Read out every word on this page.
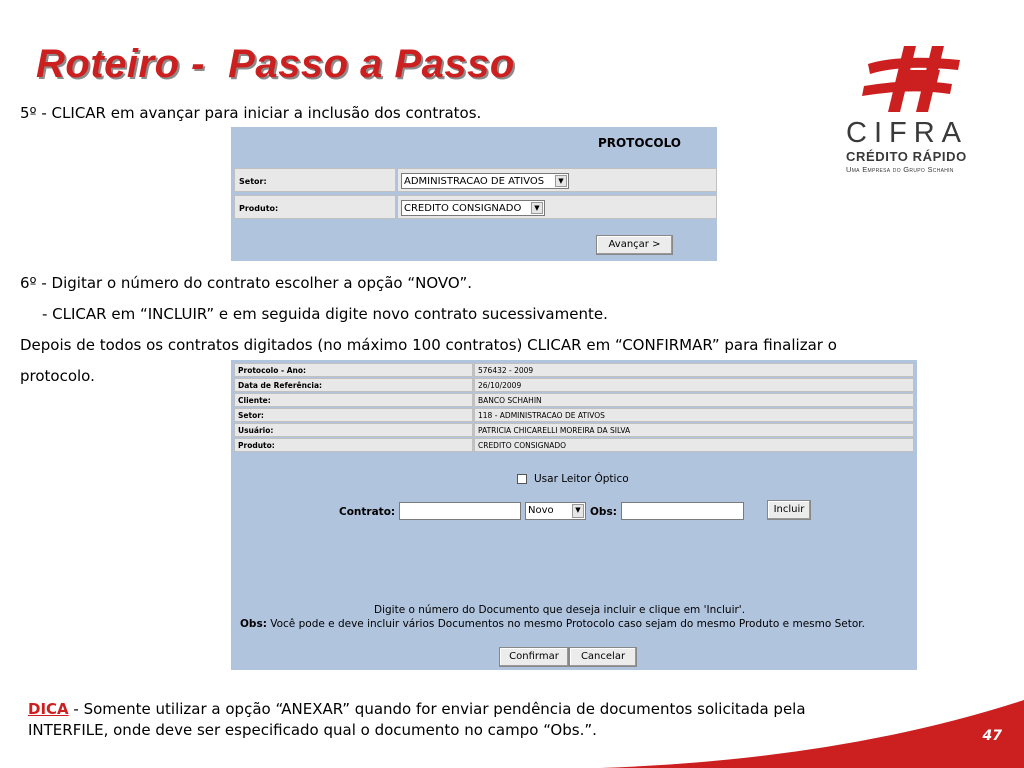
Roteiro -  Passo a Passo
CIFRA
CRÉDITO RÁPIDO
Uma Empresa do Grupo Schahin
5º - CLICAR em avançar para iniciar a inclusão dos contratos.
PROTOCOLO
Setor:	ADMINISTRACAO DE ATIVOS	▼
Produto:	CREDITO CONSIGNADO	▼
Avançar >
6º - Digitar o número do contrato escolher a opção “NOVO”.
- CLICAR em “INCLUIR” e em seguida digite novo contrato sucessivamente.
Depois de todos os contratos digitados (no máximo 100 contratos) CLICAR em “CONFIRMAR” para finalizar o
protocolo.	Protocolo - Ano:	576432 - 2009
Data de Referência:	26/10/2009
Cliente:	BANCO SCHAHIN
Setor:	118 - ADMINISTRACAO DE ATIVOS
Usuário:	PATRICIA CHICARELLI MOREIRA DA SILVA
Produto:	CREDITO CONSIGNADO
Usar Leitor Óptico
Contrato:	Novo	▼ Obs:	Incluir
Digite o número do Documento que deseja incluir e clique em 'Incluir'.
Obs: Você pode e deve incluir vários Documentos no mesmo Protocolo caso sejam do mesmo Produto e mesmo Setor.
Confirmar	Cancelar
DICA - Somente utilizar a opção “ANEXAR” quando for enviar pendência de documentos solicitada pela INTERFILE, onde deve ser especificado qual o documento no campo “Obs.”.	47
